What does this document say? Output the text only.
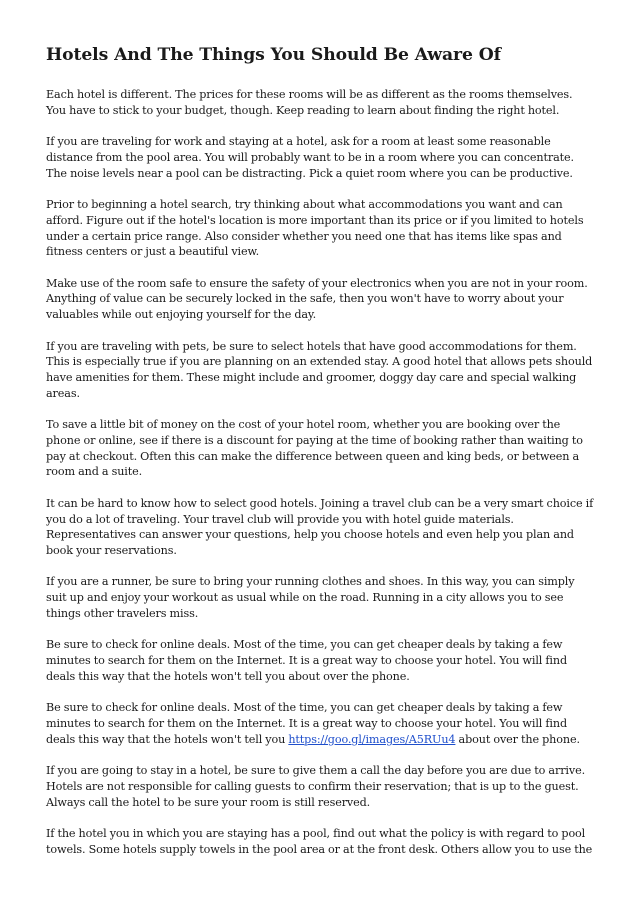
Hotels And The Things You Should Be Aware Of

Each hotel is different. The prices for these rooms will be as different as the rooms themselves. You have to stick to your budget, though. Keep reading to learn about finding the right hotel.

If you are traveling for work and staying at a hotel, ask for a room at least some reasonable distance from the pool area. You will probably want to be in a room where you can concentrate. The noise levels near a pool can be distracting. Pick a quiet room where you can be productive.

Prior to beginning a hotel search, try thinking about what accommodations you want and can afford. Figure out if the hotel's location is more important than its price or if you limited to hotels under a certain price range. Also consider whether you need one that has items like spas and fitness centers or just a beautiful view.

Make use of the room safe to ensure the safety of your electronics when you are not in your room. Anything of value can be securely locked in the safe, then you won't have to worry about your valuables while out enjoying yourself for the day.

If you are traveling with pets, be sure to select hotels that have good accommodations for them. This is especially true if you are planning on an extended stay. A good hotel that allows pets should have amenities for them. These might include and groomer, doggy day care and special walking areas.

To save a little bit of money on the cost of your hotel room, whether you are booking over the phone or online, see if there is a discount for paying at the time of booking rather than waiting to pay at checkout. Often this can make the difference between queen and king beds, or between a room and a suite.

It can be hard to know how to select good hotels. Joining a travel club can be a very smart choice if you do a lot of traveling. Your travel club will provide you with hotel guide materials. Representatives can answer your questions, help you choose hotels and even help you plan and book your reservations.

If you are a runner, be sure to bring your running clothes and shoes. In this way, you can simply suit up and enjoy your workout as usual while on the road. Running in a city allows you to see things other travelers miss.

Be sure to check for online deals. Most of the time, you can get cheaper deals by taking a few minutes to search for them on the Internet. It is a great way to choose your hotel. You will find deals this way that the hotels won't tell you about over the phone.

Be sure to check for online deals. Most of the time, you can get cheaper deals by taking a few minutes to search for them on the Internet. It is a great way to choose your hotel. You will find deals this way that the hotels won't tell you https://goo.gl/images/A5RUu4 about over the phone.

If you are going to stay in a hotel, be sure to give them a call the day before you are due to arrive. Hotels are not responsible for calling guests to confirm their reservation; that is up to the guest. Always call the hotel to be sure your room is still reserved.

If the hotel you in which you are staying has a pool, find out what the policy is with regard to pool towels. Some hotels supply towels in the pool area or at the front desk. Others allow you to use the
